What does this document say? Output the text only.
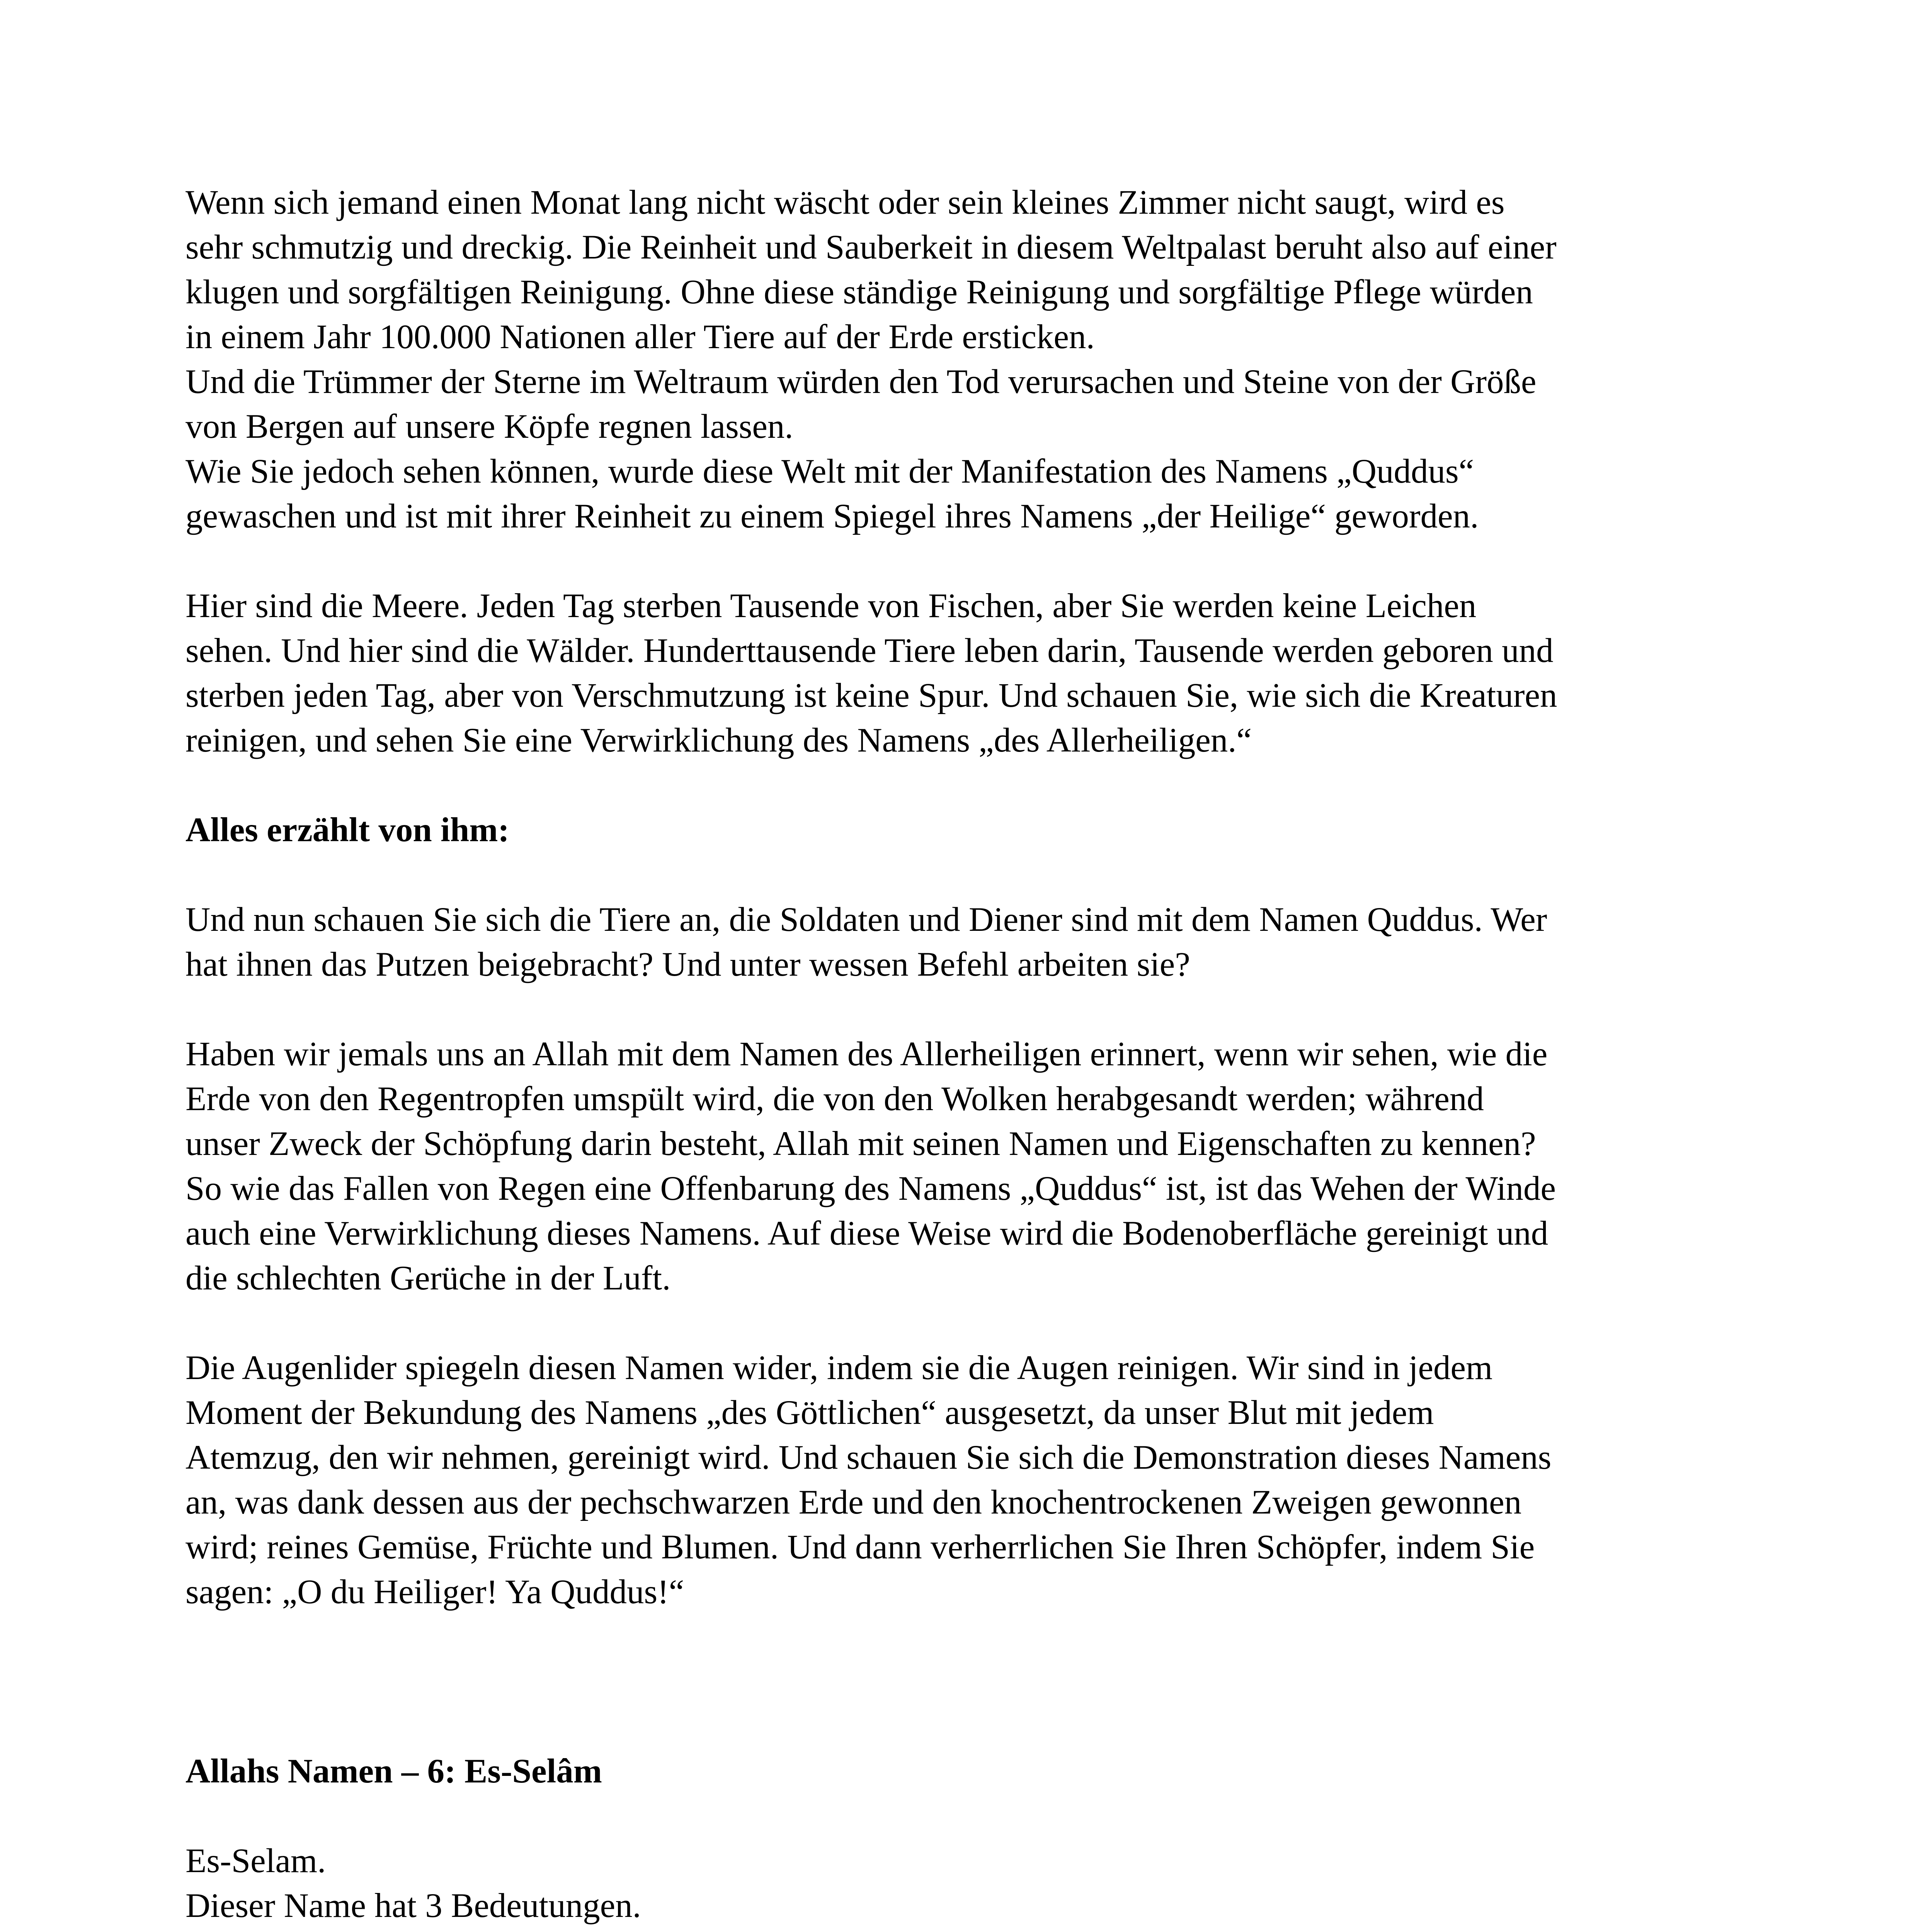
Wenn sich jemand einen Monat lang nicht wäscht oder sein kleines Zimmer nicht saugt, wird es
sehr schmutzig und dreckig. Die Reinheit und Sauberkeit in diesem Weltpalast beruht also auf einer
klugen und sorgfältigen Reinigung. Ohne diese ständige Reinigung und sorgfältige Pflege würden
in einem Jahr 100.000 Nationen aller Tiere auf der Erde ersticken.
Und die Trümmer der Sterne im Weltraum würden den Tod verursachen und Steine von der Größe
von Bergen auf unsere Köpfe regnen lassen.
Wie Sie jedoch sehen können, wurde diese Welt mit der Manifestation des Namens „Quddus“
gewaschen und ist mit ihrer Reinheit zu einem Spiegel ihres Namens „der Heilige“ geworden.
Hier sind die Meere. Jeden Tag sterben Tausende von Fischen, aber Sie werden keine Leichen
sehen. Und hier sind die Wälder. Hunderttausende Tiere leben darin, Tausende werden geboren und
sterben jeden Tag, aber von Verschmutzung ist keine Spur. Und schauen Sie, wie sich die Kreaturen
reinigen, und sehen Sie eine Verwirklichung des Namens „des Allerheiligen.“
Alles erzählt von ihm:
Und nun schauen Sie sich die Tiere an, die Soldaten und Diener sind mit dem Namen Quddus. Wer
hat ihnen das Putzen beigebracht? Und unter wessen Befehl arbeiten sie?
Haben wir jemals uns an Allah mit dem Namen des Allerheiligen erinnert, wenn wir sehen, wie die
Erde von den Regentropfen umspült wird, die von den Wolken herabgesandt werden; während
unser Zweck der Schöpfung darin besteht, Allah mit seinen Namen und Eigenschaften zu kennen?
So wie das Fallen von Regen eine Offenbarung des Namens „Quddus“ ist, ist das Wehen der Winde
auch eine Verwirklichung dieses Namens. Auf diese Weise wird die Bodenoberfläche gereinigt und
die schlechten Gerüche in der Luft.
Die Augenlider spiegeln diesen Namen wider, indem sie die Augen reinigen. Wir sind in jedem
Moment der Bekundung des Namens „des Göttlichen“ ausgesetzt, da unser Blut mit jedem
Atemzug, den wir nehmen, gereinigt wird. Und schauen Sie sich die Demonstration dieses Namens
an, was dank dessen aus der pechschwarzen Erde und den knochentrockenen Zweigen gewonnen
wird; reines Gemüse, Früchte und Blumen. Und dann verherrlichen Sie Ihren Schöpfer, indem Sie
sagen: „O du Heiliger! Ya Quddus!“
Allahs Namen – 6: Es-Selâm
Es-Selam.
Dieser Name hat 3 Bedeutungen.
